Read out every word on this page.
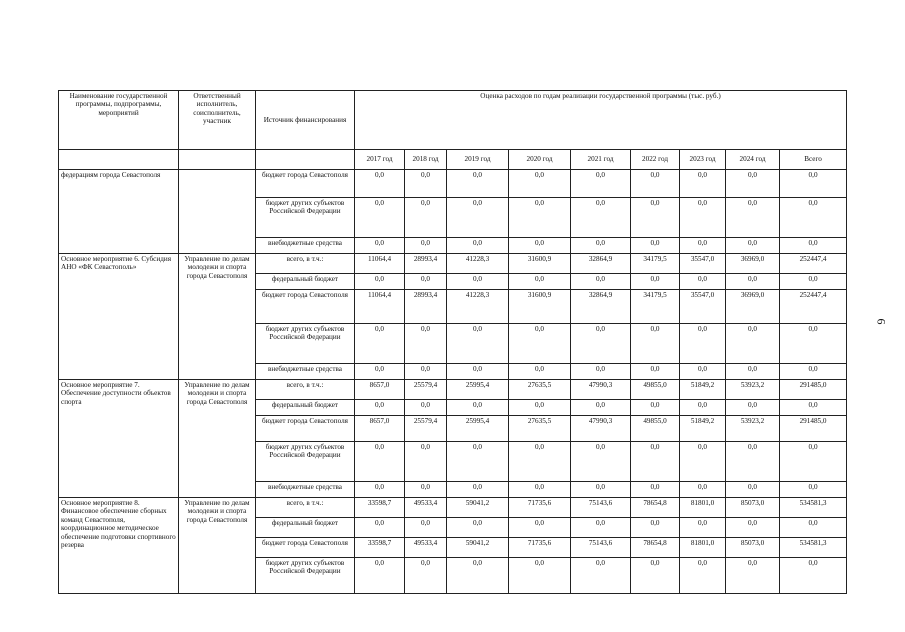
Наименование государственной программы, подпрограммы, мероприятий	Ответственный исполнитель, соисполнитель, участник	Источник финансирования	Оценка расходов по годам реализации государственной программы (тыс. руб.)								
			2017 год	2018 год	2019 год	2020 год	2021 год	2022 год	2023 год	2024 год	Всего
федерациям города Севастополя		бюджет города Севастополя	0,0	0,0	0,0	0,0	0,0	0,0	0,0	0,0	0,0
		бюджет других субъектов Российской Федерации	0,0	0,0	0,0	0,0	0,0	0,0	0,0	0,0	0,0
		внебюджетные средства	0,0	0,0	0,0	0,0	0,0	0,0	0,0	0,0	0,0
Основное мероприятие 6. Субсидия АНО «ФК Севастополь»	Управление по делам молодежи и спорта города Севастополя	всего, в т.ч.:	11064,4	28993,4	41228,3	31600,9	32864,9	34179,5	35547,0	36969,0	252447,4
		федеральный бюджет	0,0	0,0	0,0	0,0	0,0	0,0	0,0	0,0	0,0
		бюджет города Севастополя	11064,4	28993,4	41228,3	31600,9	32864,9	34179,5	35547,0	36969,0	252447,4
		бюджет других субъектов Российской Федерации	0,0	0,0	0,0	0,0	0,0	0,0	0,0	0,0	0,0
		внебюджетные средства	0,0	0,0	0,0	0,0	0,0	0,0	0,0	0,0	0,0
Основное мероприятие 7. Обеспечение доступности объектов спорта	Управление по делам молодежи и спорта города Севастополя	всего, в т.ч.:	8657,0	25579,4	25995,4	27635,5	47990,3	49855,0	51849,2	53923,2	291485,0
		федеральный бюджет	0,0	0,0	0,0	0,0	0,0	0,0	0,0	0,0	0,0
		бюджет города Севастополя	8657,0	25579,4	25995,4	27635,5	47990,3	49855,0	51849,2	53923,2	291485,0
		бюджет других субъектов Российской Федерации	0,0	0,0	0,0	0,0	0,0	0,0	0,0	0,0	0,0
		внебюджетные средства	0,0	0,0	0,0	0,0	0,0	0,0	0,0	0,0	0,0
Основное мероприятие 8. Финансовое обеспечение сборных команд Севастополя, координационное методическое обеспечение подготовки спортивного резерва	Управление по делам молодежи и спорта города Севастополя	всего, в т.ч.:	33598,7	49533,4	59041,2	71735,6	75143,6	78654,8	81801,0	85073,0	534581,3
		федеральный бюджет	0,0	0,0	0,0	0,0	0,0	0,0	0,0	0,0	0,0
		бюджет города Севастополя	33598,7	49533,4	59041,2	71735,6	75143,6	78654,8	81801,0	85073,0	534581,3
		бюджет других субъектов Российской Федерации	0,0	0,0	0,0	0,0	0,0	0,0	0,0	0,0	0,0
6
